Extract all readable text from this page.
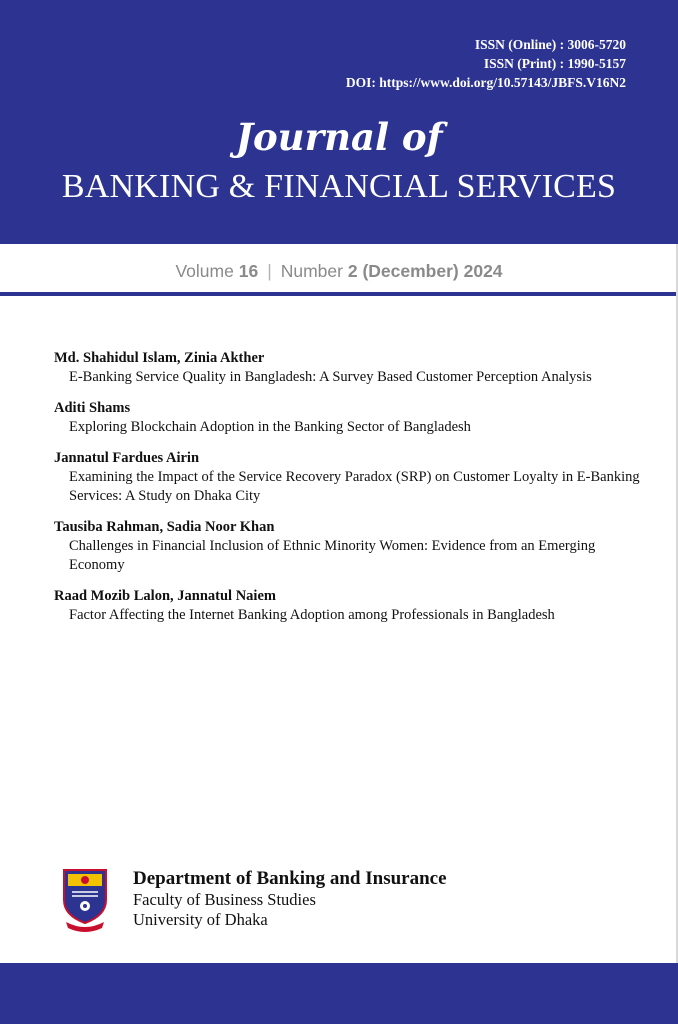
ISSN (Online) : 3006-5720
ISSN (Print) : 1990-5157
DOI: https://www.doi.org/10.57143/JBFS.V16N2
Journal of
BANKING & FINANCIAL SERVICES
Volume 16 | Number 2 (December) 2024
Md. Shahidul Islam, Zinia Akther
E-Banking Service Quality in Bangladesh: A Survey Based Customer Perception Analysis
Aditi Shams
Exploring Blockchain Adoption in the Banking Sector of Bangladesh
Jannatul Fardues Airin
Examining the Impact of the Service Recovery Paradox (SRP) on Customer Loyalty in E-Banking Services: A Study on Dhaka City
Tausiba Rahman, Sadia Noor Khan
Challenges in Financial Inclusion of Ethnic Minority Women: Evidence from an Emerging Economy
Raad Mozib Lalon, Jannatul Naiem
Factor Affecting the Internet Banking Adoption among Professionals in Bangladesh
Department of Banking and Insurance
Faculty of Business Studies
University of Dhaka
